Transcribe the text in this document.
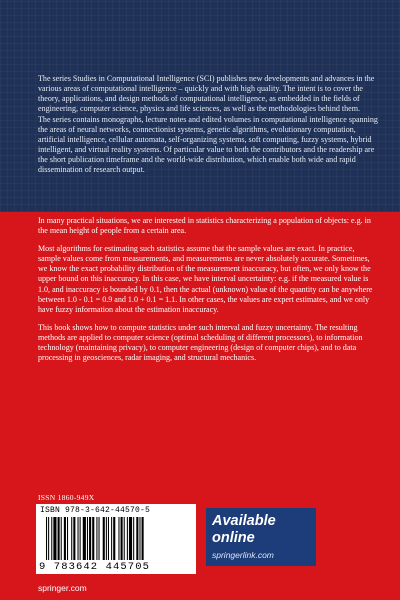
The series Studies in Computational Intelligence (SCI) publishes new developments and advances in the various areas of computational intelligence – quickly and with high quality. The intent is to cover the theory, applications, and design methods of computational intelligence, as embedded in the fields of engineering, computer science, physics and life sciences, as well as the methodologies behind them.

The series contains monographs, lecture notes and edited volumes in computational intelligence spanning the areas of neural networks, connectionist systems, genetic algorithms, evolutionary computation, artificial intelligence, cellular automata, self-organizing systems, soft computing, fuzzy systems, hybrid intelligent, and virtual reality systems. Of particular value to both the contributors and the readership are the short publication timeframe and the world-wide distribution, which enable both wide and rapid dissemination of research output.

In many practical situations, we are interested in statistics characterizing a population of objects: e.g. in the mean height of people from a certain area.

Most algorithms for estimating such statistics assume that the sample values are exact. In practice, sample values come from measurements, and measurements are never absolutely accurate. Sometimes, we know the exact probability distribution of the measurement inaccuracy, but often, we only know the upper bound on this inaccuracy. In this case, we have interval uncertainty: e.g. if the measured value is 1.0, and inaccuracy is bounded by 0.1, then the actual (unknown) value of the quantity can be anywhere between 1.0 - 0.1 = 0.9 and 1.0 + 0.1 = 1.1. In other cases, the values are expert estimates, and we only have fuzzy information about the estimation inaccuracy.

This book shows how to compute statistics under such interval and fuzzy uncertainty. The resulting methods are applied to computer science (optimal scheduling of different processors), to information technology (maintaining privacy), to computer engineering (design of computer chips), and to data processing in geosciences, radar imaging, and structural mechanics.

ISSN 1860-949X
ISBN 978-3-642-44570-5
9 783642 445705
Available
online
springerlink.com
springer.com
